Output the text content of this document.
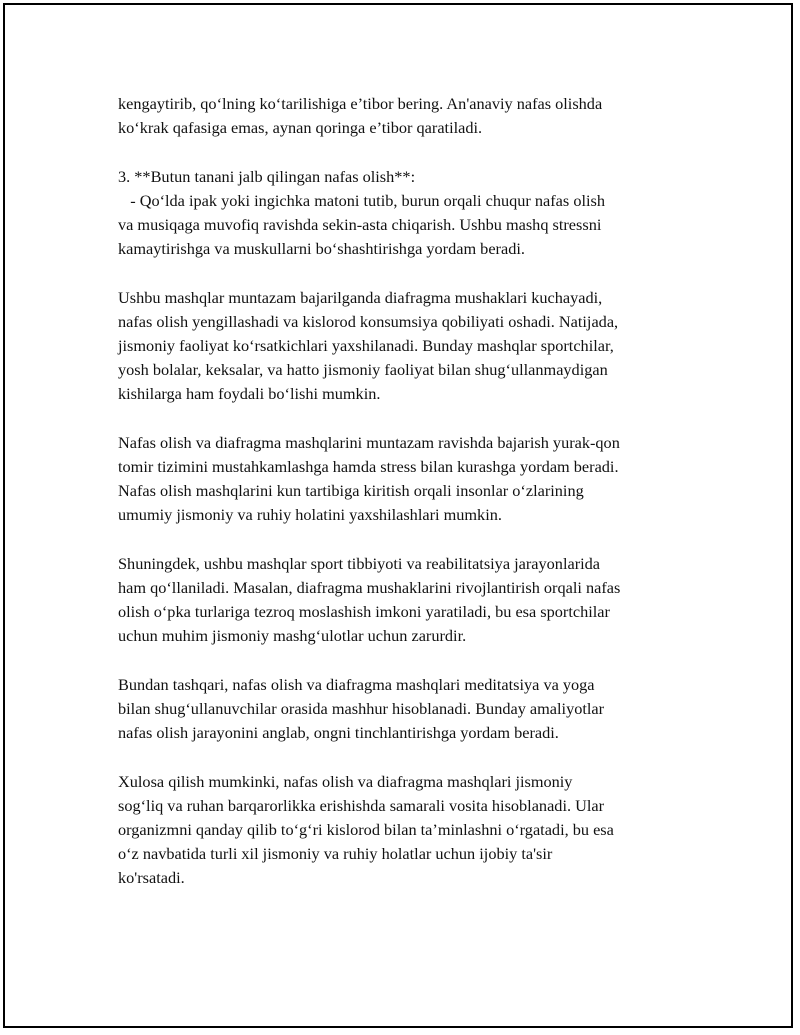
kengaytirib, qo‘lning ko‘tarilishiga e’tibor bering. An'anaviy nafas olishda
ko‘krak qafasiga emas, aynan qoringa e’tibor qaratiladi.

3. **Butun tanani jalb qilingan nafas olish**:
- Qo‘lda ipak yoki ingichka matoni tutib, burun orqali chuqur nafas olish
va musiqaga muvofiq ravishda sekin-asta chiqarish. Ushbu mashq stressni
kamaytirishga va muskullarni bo‘shashtirishga yordam beradi.

Ushbu mashqlar muntazam bajarilganda diafragma mushaklari kuchayadi,
nafas olish yengillashadi va kislorod konsumsiya qobiliyati oshadi. Natijada,
jismoniy faoliyat ko‘rsatkichlari yaxshilanadi. Bunday mashqlar sportchilar,
yosh bolalar, keksalar, va hatto jismoniy faoliyat bilan shug‘ullanmaydigan
kishilarga ham foydali bo‘lishi mumkin.

Nafas olish va diafragma mashqlarini muntazam ravishda bajarish yurak-qon
tomir tizimini mustahkamlashga hamda stress bilan kurashga yordam beradi.
Nafas olish mashqlarini kun tartibiga kiritish orqali insonlar o‘zlarining
umumiy jismoniy va ruhiy holatini yaxshilashlari mumkin.

Shuningdek, ushbu mashqlar sport tibbiyoti va reabilitatsiya jarayonlarida
ham qo‘llaniladi. Masalan, diafragma mushaklarini rivojlantirish orqali nafas
olish o‘pka turlariga tezroq moslashish imkoni yaratiladi, bu esa sportchilar
uchun muhim jismoniy mashg‘ulotlar uchun zarurdir.

Bundan tashqari, nafas olish va diafragma mashqlari meditatsiya va yoga
bilan shug‘ullanuvchilar orasida mashhur hisoblanadi. Bunday amaliyotlar
nafas olish jarayonini anglab, ongni tinchlantirishga yordam beradi.

Xulosa qilish mumkinki, nafas olish va diafragma mashqlari jismoniy
sog‘liq va ruhan barqarorlikka erishishda samarali vosita hisoblanadi. Ular
organizmni qanday qilib to‘g‘ri kislorod bilan ta’minlashni o‘rgatadi, bu esa
o‘z navbatida turli xil jismoniy va ruhiy holatlar uchun ijobiy ta'sir
ko'rsatadi.
